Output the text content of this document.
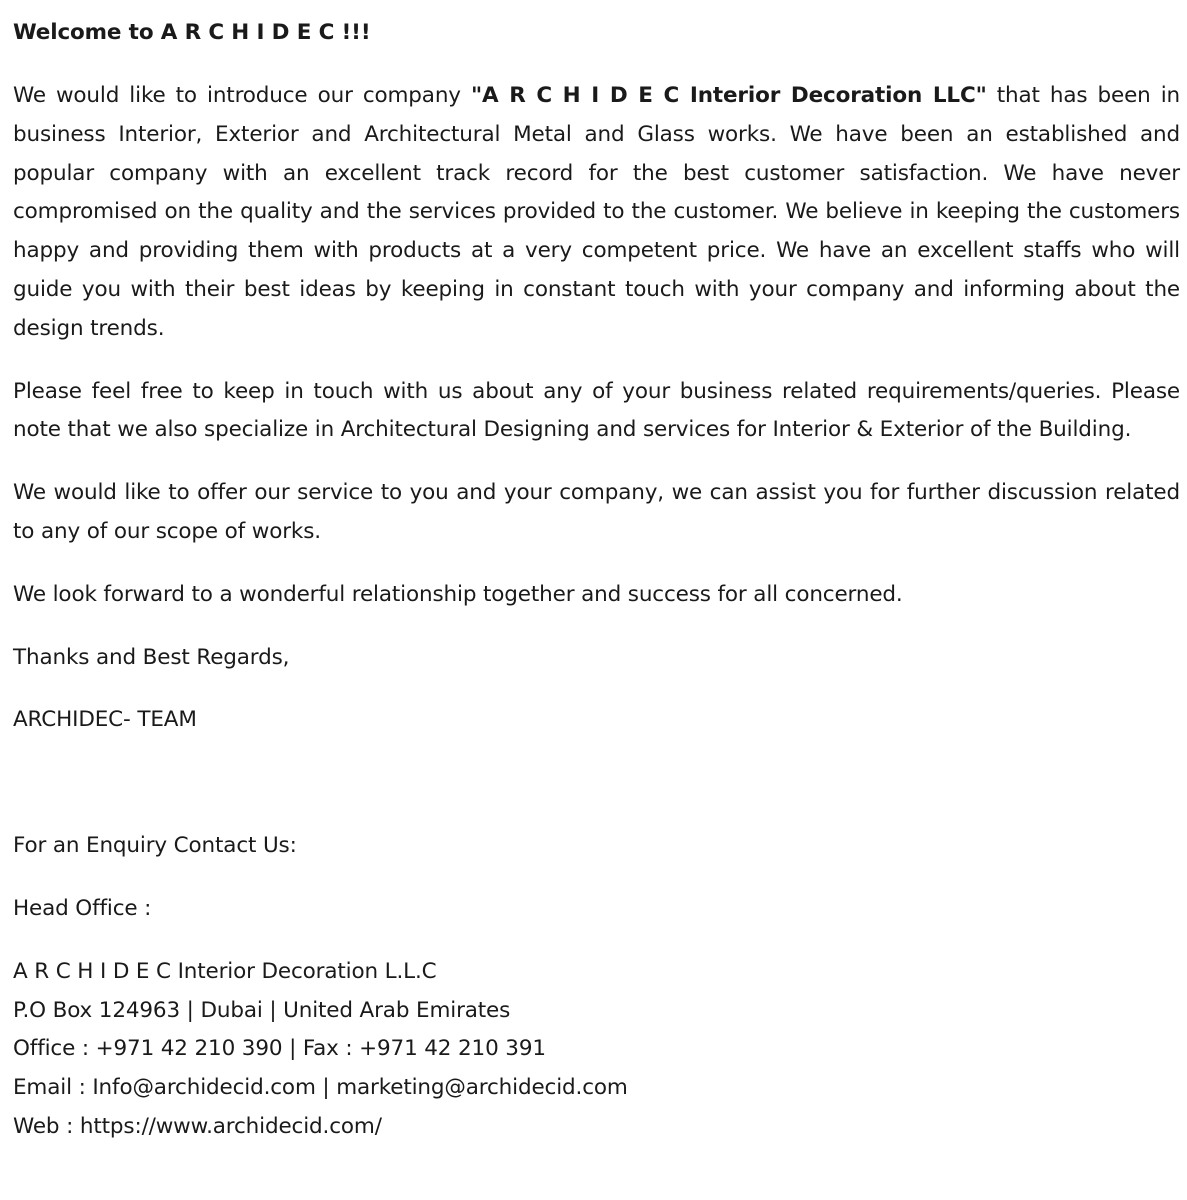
Welcome to A R C H I D E C !!!

We would like to introduce our company "A R C H I D E C Interior Decoration LLC" that has been in business Interior, Exterior and Architectural Metal and Glass works. We have been an established and popular company with an excellent track record for the best customer satisfaction. We have never compromised on the quality and the services provided to the customer. We believe in keeping the customers happy and providing them with products at a very competent price. We have an excellent staffs who will guide you with their best ideas by keeping in constant touch with your company and informing about the design trends.

Please feel free to keep in touch with us about any of your business related requirements/queries. Please note that we also specialize in Architectural Designing and services for Interior & Exterior of the Building.

We would like to offer our service to you and your company, we can assist you for further discussion related to any of our scope of works.

We look forward to a wonderful relationship together and success for all concerned.

Thanks and Best Regards,

ARCHIDEC- TEAM

For an Enquiry Contact Us:

Head Office :

A R C H I D E C Interior Decoration L.L.C

P.O Box 124963 | Dubai | United Arab Emirates

Office : +971 42 210 390 | Fax : +971 42 210 391

Email : Info@archidecid.com | marketing@archidecid.com

Web : https://www.archidecid.com/
